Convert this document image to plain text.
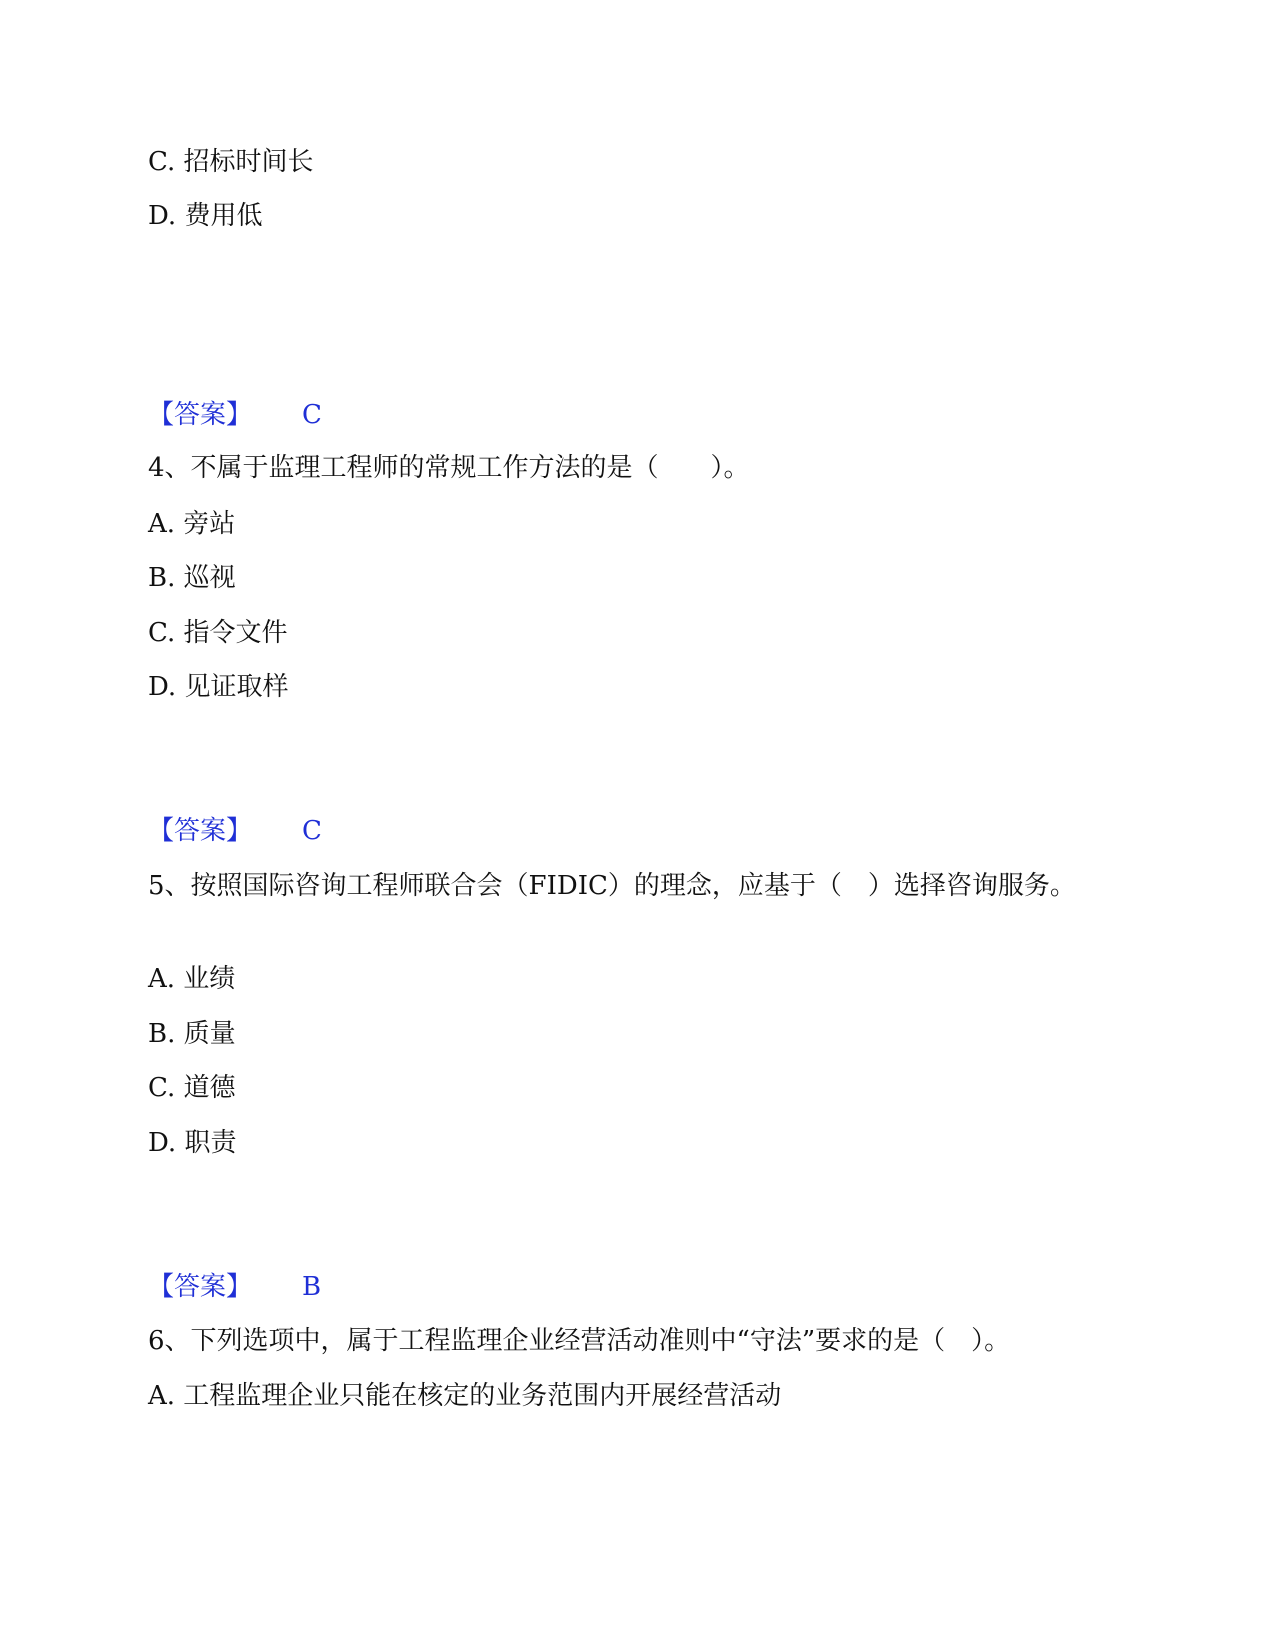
C. 招标时间长
D. 费用低
【答案】 C
4、不属于监理工程师的常规工作方法的是（　　）。
A. 旁站
B. 巡视
C. 指令文件
D. 见证取样
【答案】 C
5、按照国际咨询工程师联合会（FIDIC）的理念，应基于（　）选择咨询服务。
A. 业绩
B. 质量
C. 道德
D. 职责
【答案】 B
6、下列选项中，属于工程监理企业经营活动准则中“守法”要求的是（　）。
A. 工程监理企业只能在核定的业务范围内开展经营活动
